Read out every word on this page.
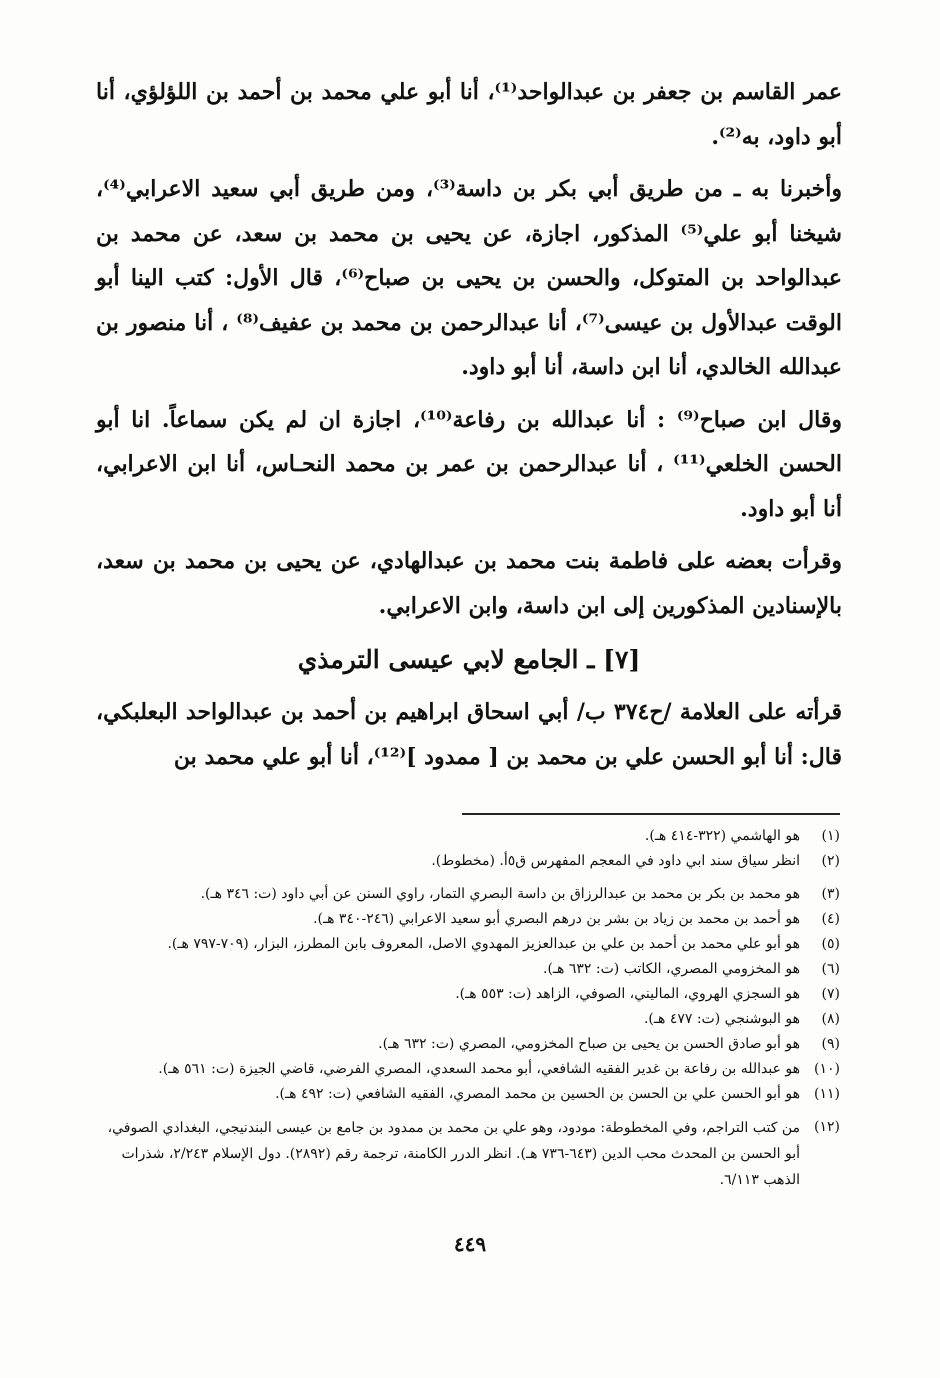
عمر القاسم بن جعفر بن عبدالواحد⁽¹⁾، أنا أبو علي محمد بن أحمد بن اللؤلؤي، أنا أبو داود، به⁽²⁾.

وأخبرنا به ـ من طريق أبي بكر بن داسة⁽³⁾، ومن طريق أبي سعيد الاعرابي⁽⁴⁾، شيخنا أبو علي⁽⁵⁾ المذكور، اجازة، عن يحيى بن محمد بن سعد، عن محمد بن عبدالواحد بن المتوكل، والحسن بن يحيى بن صباح⁽⁶⁾، قال الأول: كتب الينا أبو الوقت عبدالأول بن عيسى⁽⁷⁾، أنا عبدالرحمن بن محمد بن عفيف⁽⁸⁾ ، أنا منصور بن عبدالله الخالدي، أنا ابن داسة، أنا أبو داود.

وقال ابن صباح⁽⁹⁾ : أنا عبدالله بن رفاعة⁽¹⁰⁾، اجازة ان لم يكن سماعاً. انا أبو الحسن الخلعي⁽¹¹⁾ ، أنا عبدالرحمن بن عمر بن محمد النحـاس، أنا ابن الاعرابي، أنا أبو داود.

وقرأت بعضه على فاطمة بنت محمد بن عبدالهادي، عن يحيى بن محمد بن سعد، بالإسنادين المذكورين إلى ابن داسة، وابن الاعرابي.

[٧] ـ الجامع لابي عيسى الترمذي

قرأته على العلامة /ح٣٧٤ ب/ أبي اسحاق ابراهيم بن أحمد بن عبدالواحد البعلبكي، قال: أنا أبو الحسن علي بن محمد بن [ ممدود ]⁽¹²⁾، أنا أبو علي محمد بن

(١)
هو الهاشمي (٣٢٢-٤١٤ هـ).
(٢)
انظر سياق سند ابي داود في المعجم المفهرس ق٥أ. (مخطوط).
(٣)
هو محمد بن بكر بن محمد بن عبدالرزاق بن داسة البصري التمار، راوي السنن عن أبي داود (ت: ٣٤٦ هـ).
(٤)
هو أحمد بن محمد بن زياد بن بشر بن درهم البصري أبو سعيد الاعرابي (٢٤٦-٣٤٠ هـ).
(٥)
هو أبو علي محمد بن أحمد بن علي بن عبدالعزيز المهدوي الاصل، المعروف بابن المطرز، البزار، (٧٠٩-٧٩٧ هـ).
(٦)
هو المخزومي المصري، الكاتب (ت: ٦٣٢ هـ).
(٧)
هو السجزي الهروي، الماليني، الصوفي، الزاهد (ت: ٥٥٣ هـ).
(٨)
هو البوشنجي (ت: ٤٧٧ هـ).
(٩)
هو أبو صادق الحسن بن يحيى بن صباح المخزومي، المصري (ت: ٦٣٢ هـ).
(١٠)
هو عبدالله بن رفاعة بن غدير الفقيه الشافعي، أبو محمد السعدي، المصري الفرضي، قاضي الجيزة (ت: ٥٦١ هـ).
(١١)
هو أبو الحسن علي بن الحسن بن الحسين بن محمد المصري، الفقيه الشافعي (ت: ٤٩٢ هـ).
(١٢)
من كتب التراجم، وفي المخطوطة: مودود، وهو علي بن محمد بن ممدود بن جامع بن عيسى البندنيجي، البغدادي الصوفي، أبو الحسن بن المحدث محب الدين (٦٤٣-٧٣٦ هـ). انظر الدرر الكامنة، ترجمة رقم (٢٨٩٢). دول الإسلام ٢/٢٤٣، شذرات الذهب ٦/١١٣.
٤٤٩
